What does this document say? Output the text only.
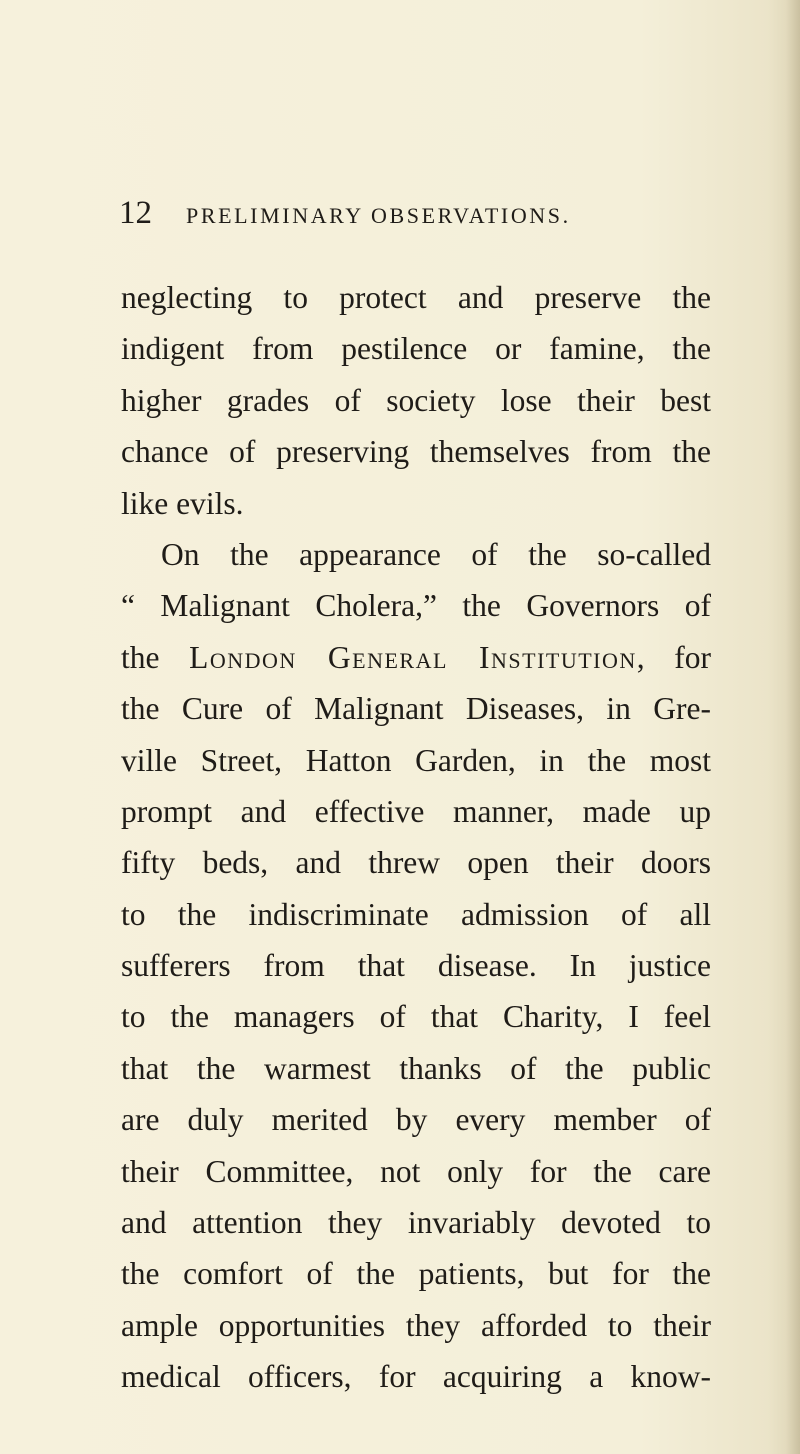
12 PRELIMINARY OBSERVATIONS.
neglecting to protect and preserve the
indigent from pestilence or famine, the
higher grades of society lose their best
chance of preserving themselves from the
like evils.
On the appearance of the so-called
“ Malignant Cholera,” the Governors of
the London General Institution, for
the Cure of Malignant Diseases, in Gre-
ville Street, Hatton Garden, in the most
prompt and effective manner, made up
fifty beds, and threw open their doors
to the indiscriminate admission of all
sufferers from that disease. In justice
to the managers of that Charity, I feel
that the warmest thanks of the public
are duly merited by every member of
their Committee, not only for the care
and attention they invariably devoted to
the comfort of the patients, but for the
ample opportunities they afforded to their
medical officers, for acquiring a know-
